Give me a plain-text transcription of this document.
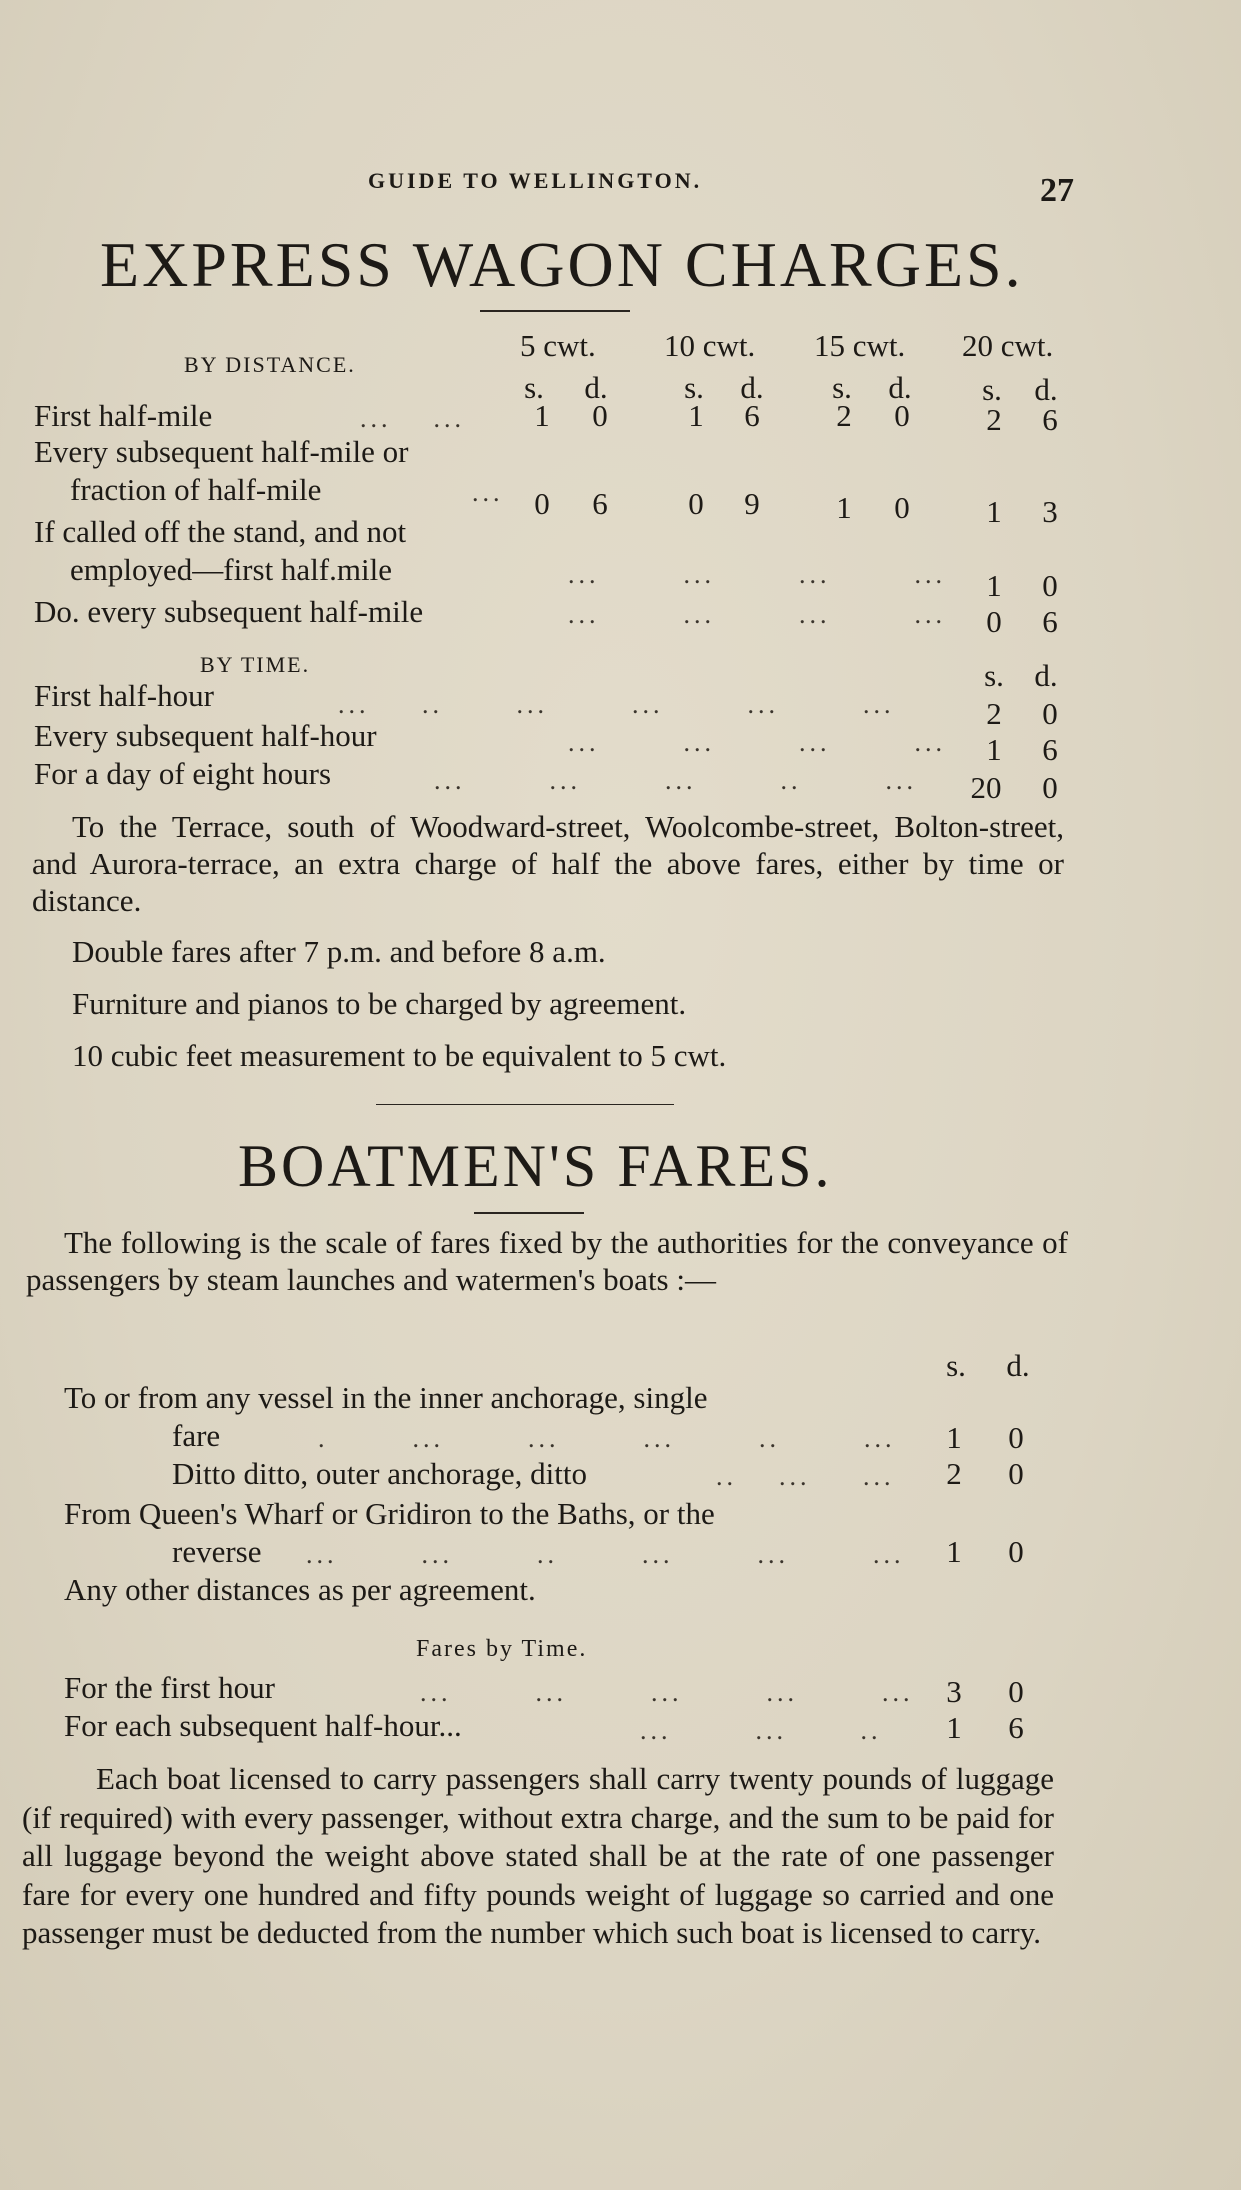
GUIDE TO WELLINGTON.	27
EXPRESS WAGON CHARGES.
BY DISTANCE.
5 cwt. 10 cwt. 15 cwt. 20 cwt.
s. d. s. d. s. d. s. d.
First half-mile	...    ... 1 0	1 6 2 0 2 6
Every subsequent half-mile or
fraction of half-mile	... 0 6	0 9 1 0 1 3
If called off the stand, and not
employed—first half.mile	...        ...        ...        ... 1 0
Do. every subsequent half-mile	...        ...        ...        ... 0 6
BY TIME.	s. d.
First half-hour	...     ..       ...        ...        ...        ...	2 0
Every subsequent half-hour	...        ...        ...        ... 1 6
For a day of eight hours	...        ...        ...        ..        ... 20 0
To the Terrace, south of Woodward-street, Woolcombe-street, Bolton-street, and Aurora-terrace, an extra charge of half the above fares, either by time or distance.
Double fares after 7 p.m. and before 8 a.m.
Furniture and pianos to be charged by agreement.
10 cubic feet measurement to be equivalent to 5 cwt.
BOATMEN'S FARES.
The following is the scale of fares fixed by the authorities for the conveyance of passengers by steam launches and watermen's boats :—
s. d.
To or from any vessel in the inner anchorage, single
fare	.        ...        ...        ...        ..        ... 1 0
Ditto ditto, outer anchorage, ditto	..    ...     ... 2 0
From Queen's Wharf or Gridiron to the Baths, or the
reverse ...        ...        ..        ...        ...        ... 1 0
Any other distances as per agreement.
Fares by Time.
For the first hour	...        ...        ...        ...        ... 3 0
For each subsequent half-hour...	...        ...       .. 1 6
Each boat licensed to carry passengers shall carry twenty pounds of luggage (if required) with every passenger, without extra charge, and the sum to be paid for all luggage beyond the weight above stated shall be at the rate of one passenger fare for every one hundred and fifty pounds weight of luggage so carried and one passenger must be deducted from the number which such boat is licensed to carry.
